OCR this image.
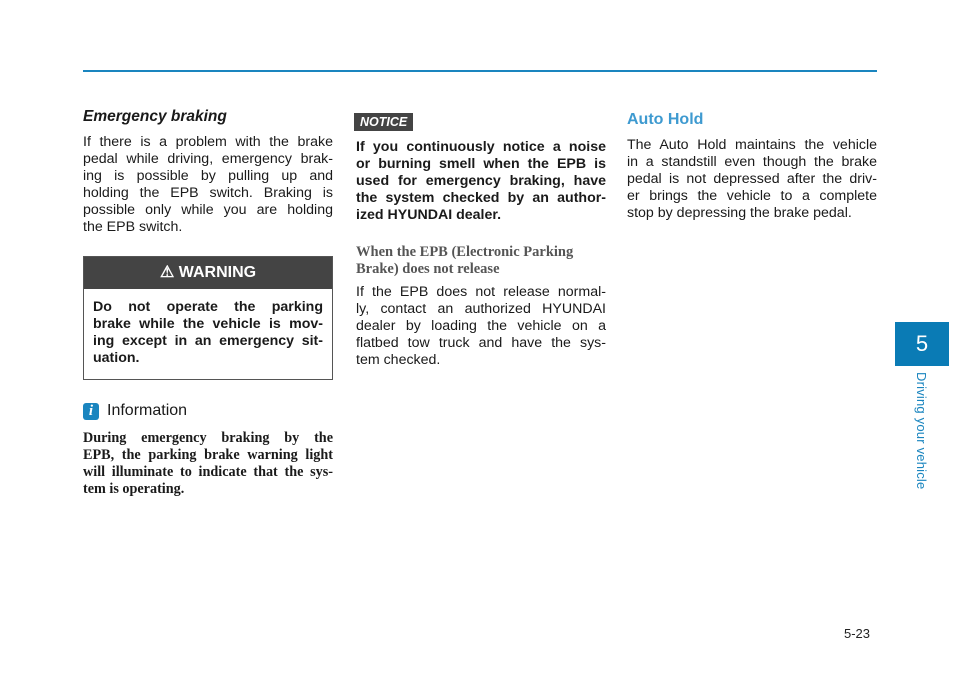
Emergency braking
If there is a problem with the brake
pedal while driving, emergency brak-
ing is possible by pulling up and
holding the EPB switch. Braking is
possible only while you are holding
the EPB switch.
⚠ WARNING
Do not operate the parking
brake while the vehicle is mov-
ing except in an emergency sit-
uation.
i Information
During emergency braking by the
EPB, the parking brake warning light
will illuminate to indicate that the sys-
tem is operating.
NOTICE
If you continuously notice a noise
or burning smell when the EPB is
used for emergency braking, have
the system checked by an author-
ized HYUNDAI dealer.
When the EPB (Electronic Parking
Brake) does not release
If the EPB does not release normal-
ly, contact an authorized HYUNDAI
dealer by loading the vehicle on a
flatbed tow truck and have the sys-
tem checked.
Auto Hold
The Auto Hold maintains the vehicle
in a standstill even though the brake
pedal is not depressed after the driv-
er brings the vehicle to a complete
stop by depressing the brake pedal.
5
Driving your vehicle
5-23
